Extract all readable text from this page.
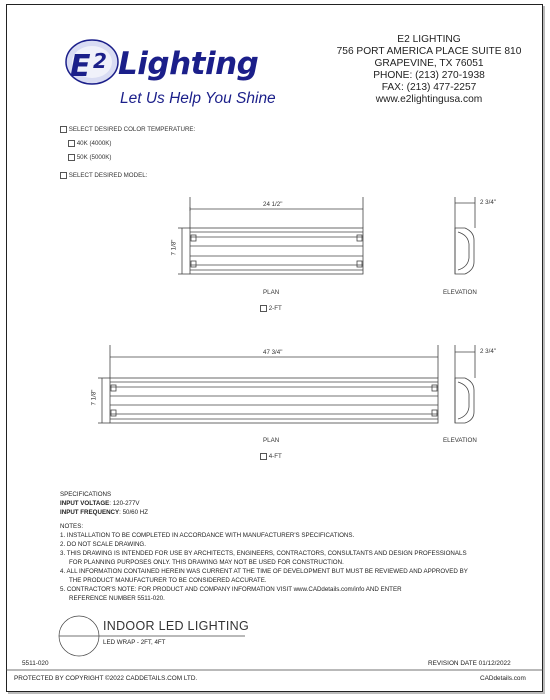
E 2 Lighting
Let Us Help You Shine
E2 LIGHTING
756 PORT AMERICA PLACE SUITE 810
GRAPEVINE, TX 76051
PHONE: (213) 270-1938
FAX: (213) 477-2257
www.e2lightingusa.com
SELECT DESIRED COLOR TEMPERATURE:
40K (4000K)
50K (5000K)
SELECT DESIRED MODEL:
24 1/2"
7 1/8"
2 3/4"
PLAN	ELEVATION
2-FT
47 3/4"
7 1/8"
2 3/4"
PLAN	ELEVATION
4-FT
SPECIFICATIONS
INPUT VOLTAGE: 120-277V
INPUT FREQUENCY: 50/60 HZ
NOTES:
1. INSTALLATION TO BE COMPLETED IN ACCORDANCE WITH MANUFACTURER'S SPECIFICATIONS.
2. DO NOT SCALE DRAWING.
3. THIS DRAWING IS INTENDED FOR USE BY ARCHITECTS, ENGINEERS, CONTRACTORS, CONSULTANTS AND DESIGN PROFESSIONALS
FOR PLANNING PURPOSES ONLY. THIS DRAWING MAY NOT BE USED FOR CONSTRUCTION.
4. ALL INFORMATION CONTAINED HEREIN WAS CURRENT AT THE TIME OF DEVELOPMENT BUT MUST BE REVIEWED AND APPROVED BY
THE PRODUCT MANUFACTURER TO BE CONSIDERED ACCURATE.
5. CONTRACTOR'S NOTE: FOR PRODUCT AND COMPANY INFORMATION VISIT www.CADdetails.com/info AND ENTER
REFERENCE NUMBER 5511-020.
INDOOR LED LIGHTING
LED WRAP - 2FT, 4FT
5511-020	REVISION DATE 01/12/2022
PROTECTED BY COPYRIGHT ©2022 CADDETAILS.COM LTD.	CADdetails.com
